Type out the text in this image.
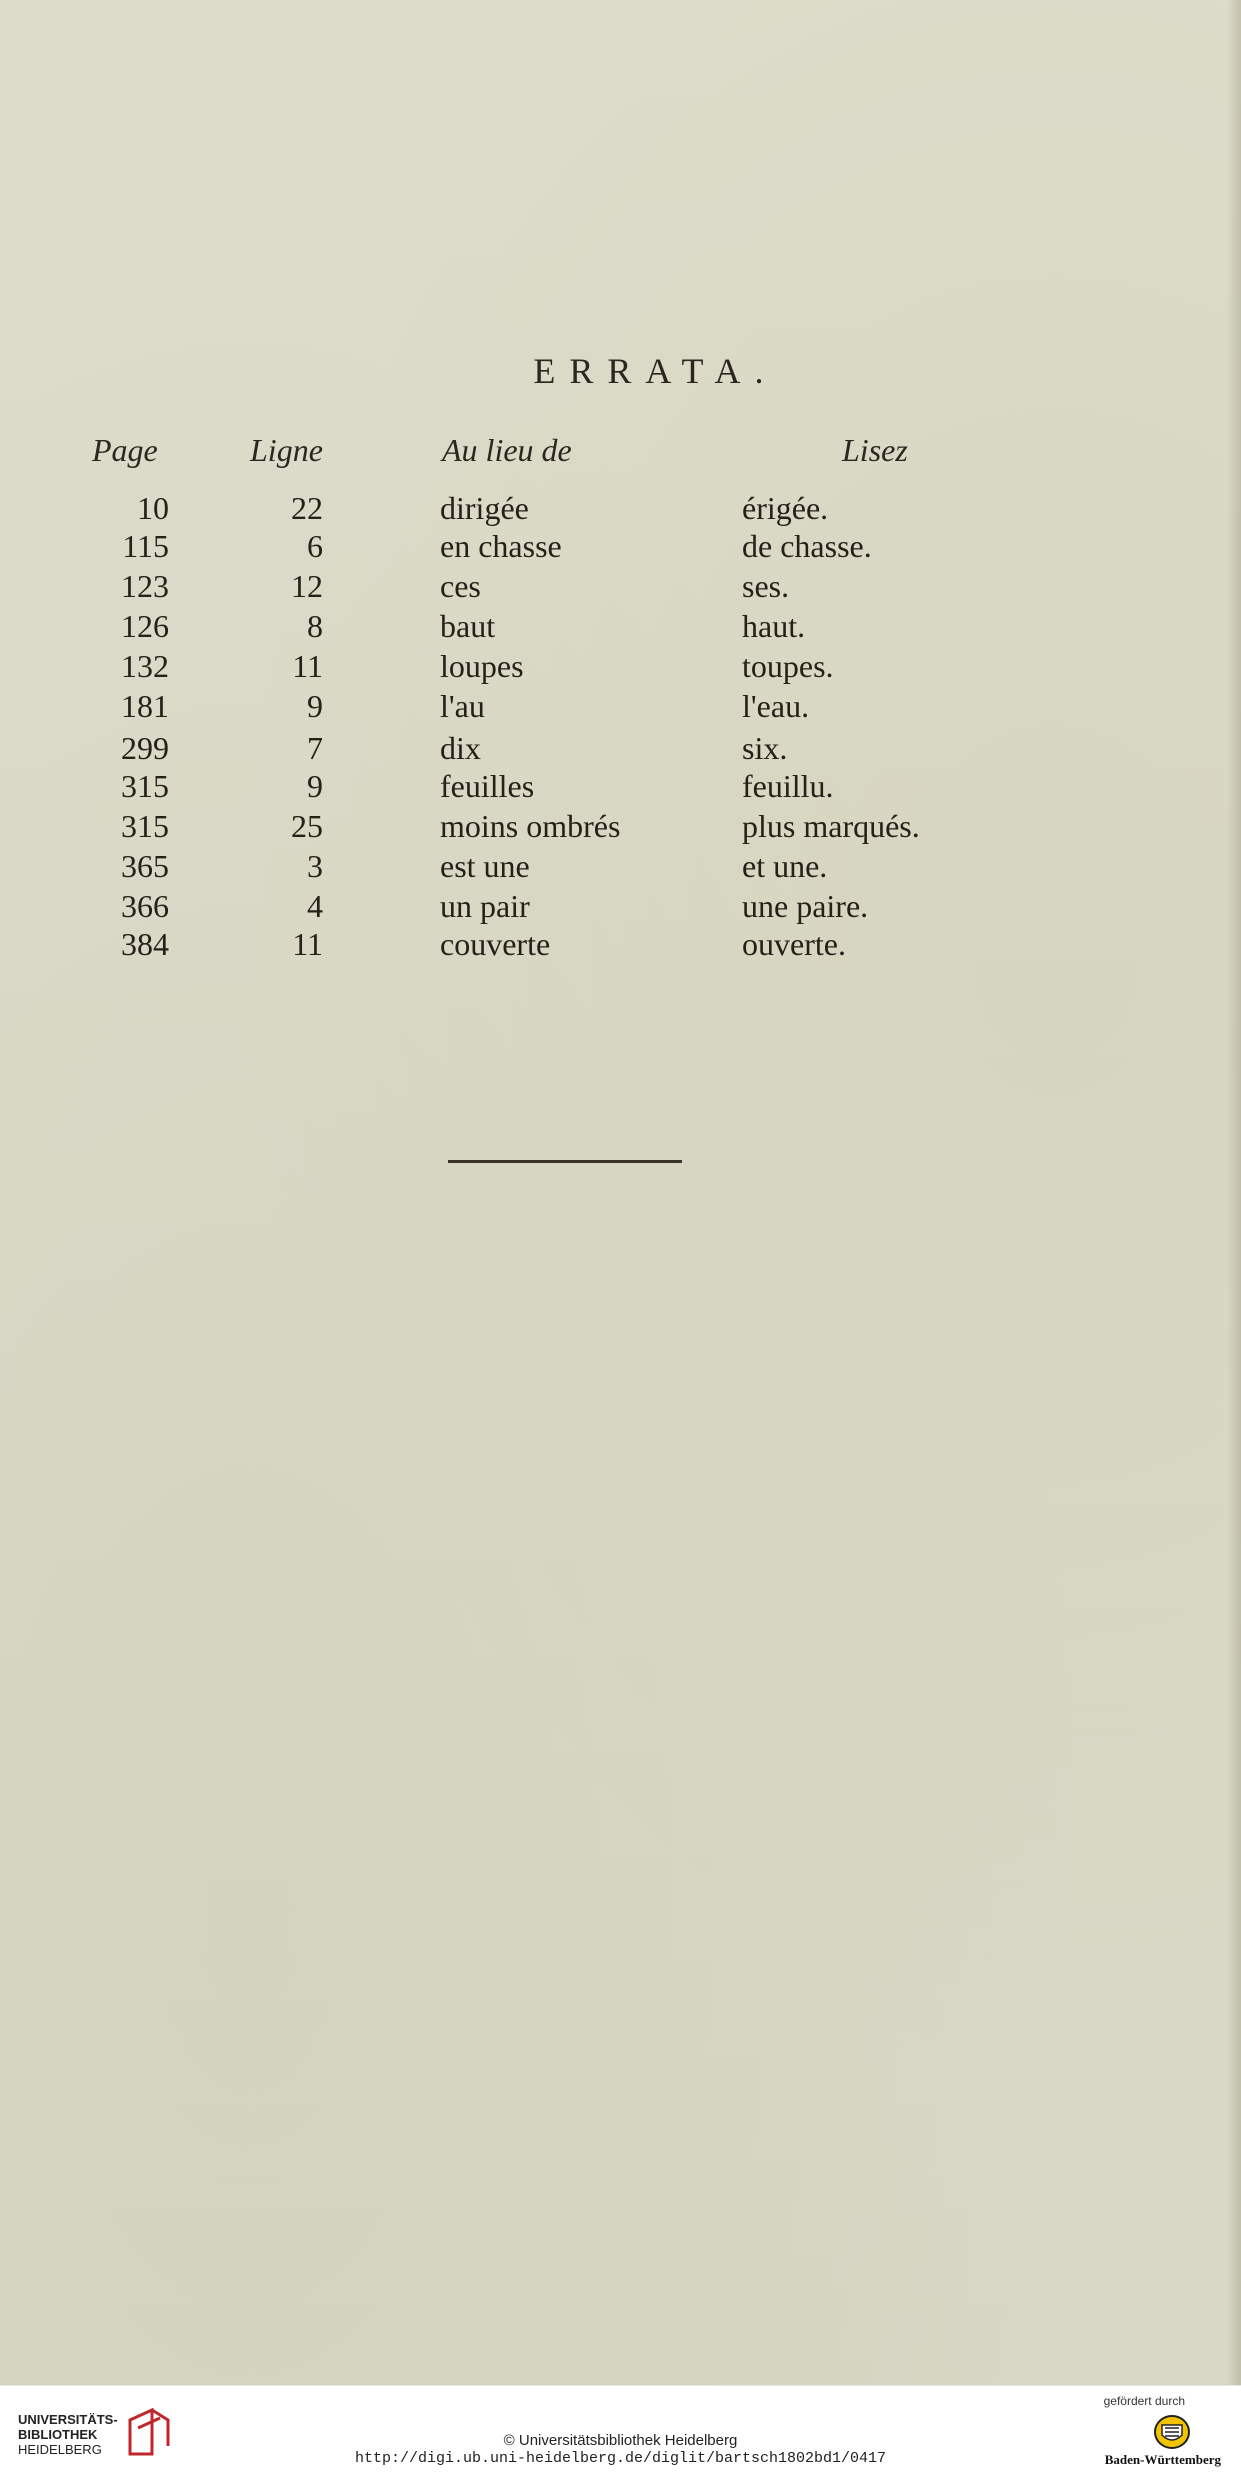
ERRATA.
Page	Ligne	Au lieu de	Lisez
10	22	dirigée	érigée.
115	6	en chasse	de chasse.
123	12	ces	ses.
126	8	baut	haut.
132	11	loupes	toupes.
181	9	l'au	l'eau.
299	7	dix	six.
315	9	feuilles	feuillu.
315	25	moins ombrés	plus marqués.
365	3	est une	et une.
366	4	un pair	une paire.
384	11	couverte	ouverte.
UNIVERSITÄTS-
BIBLIOTHEK
HEIDELBERG
© Universitätsbibliothek Heidelberg
http://digi.ub.uni-heidelberg.de/diglit/bartsch1802bd1/0417
gefördert durch
Baden-Württemberg
